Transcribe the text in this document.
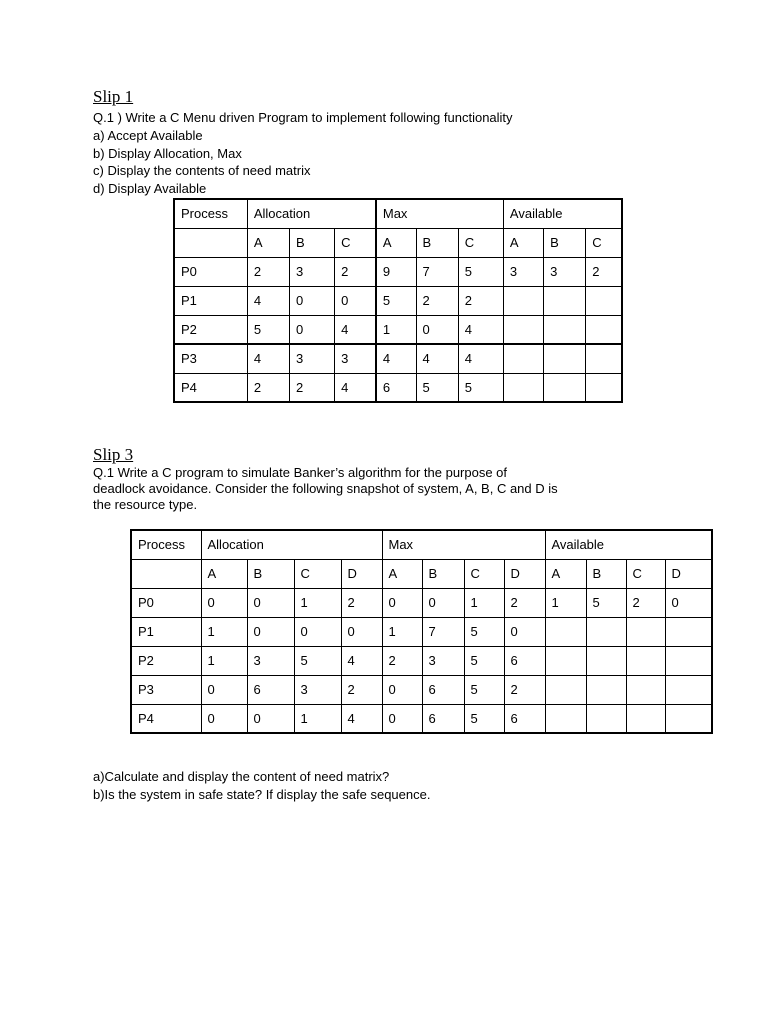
Slip 1

Q.1 ) Write a C Menu driven Program to implement following functionality

a) Accept Available

b) Display Allocation, Max

c) Display the contents of need matrix

d) Display Available

Process	Allocation			Max			Available		
	A	B	C	A	B	C	A	B	C
P0	2	3	2	9	7	5	3	3	2
P1	4	0	0	5	2	2			
P2	5	0	4	1	0	4			
P3	4	3	3	4	4	4			
P4	2	2	4	6	5	5			
Slip 3

Q.1 Write a C program to simulate Banker’s algorithm for the purpose of

deadlock avoidance. Consider the following snapshot of system, A, B, C and D is

the resource type.

Process	Allocation				Max				Available			
	A	B	C	D	A	B	C	D	A	B	C	D
P0	0	0	1	2	0	0	1	2	1	5	2	0
P1	1	0	0	0	1	7	5	0				
P2	1	3	5	4	2	3	5	6				
P3	0	6	3	2	0	6	5	2				
P4	0	0	1	4	0	6	5	6				

a)Calculate and display the content of need matrix?

b)Is the system in safe state? If display the safe sequence.
